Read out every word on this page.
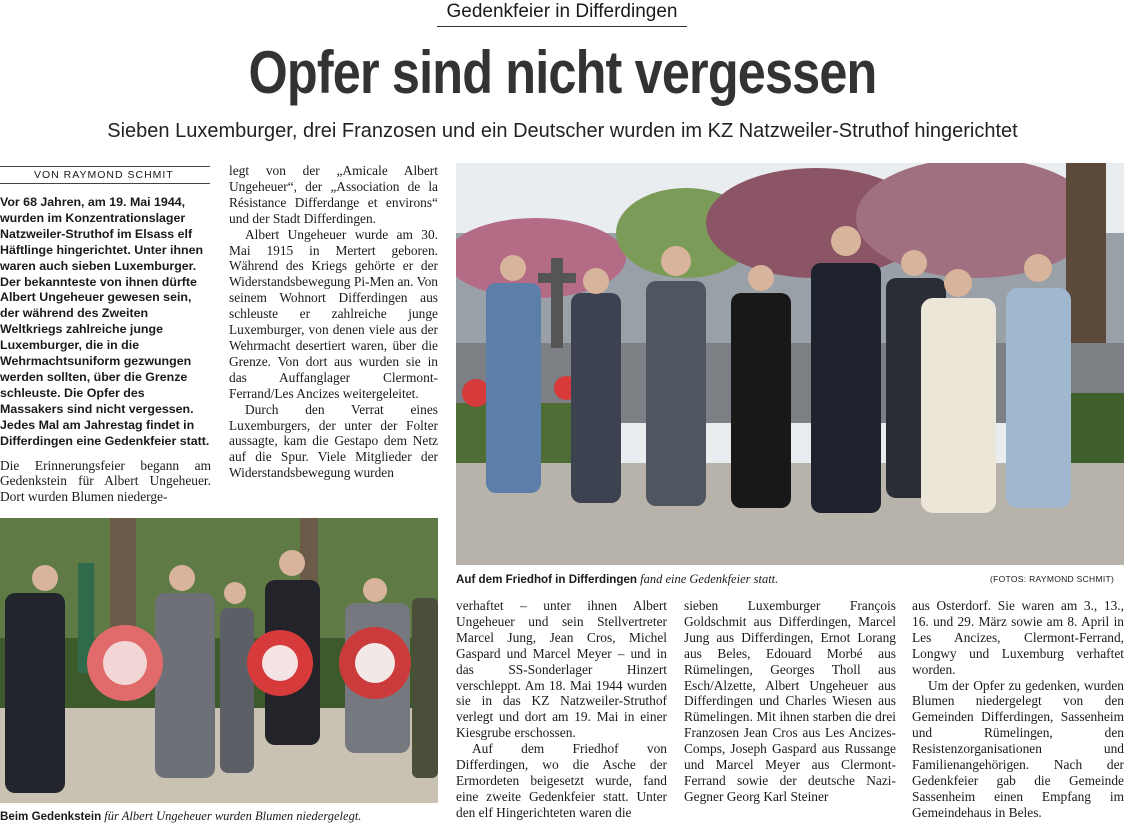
Gedenkfeier in Differdingen
Opfer sind nicht vergessen
Sieben Luxemburger, drei Franzosen und ein Deutscher wurden im KZ Natzweiler-Struthof hingerichtet
VON RAYMOND SCHMIT

Vor 68 Jahren, am 19. Mai 1944, wurden im Konzentrationslager Natzweiler-Struthof im Elsass elf Häftlinge hingerichtet. Unter ihnen waren auch sieben Luxemburger. Der bekannteste von ihnen dürfte Albert Ungeheuer gewesen sein, der während des Zweiten Weltkriegs zahlreiche junge Luxemburger, die in die Wehrmachtsuniform gezwungen werden sollten, über die Grenze schleuste. Die Opfer des Massakers sind nicht vergessen. Jedes Mal am Jahrestag findet in Differdingen eine Gedenkfeier statt.

Die Erinnerungsfeier begann am Gedenkstein für Albert Ungeheuer. Dort wurden Blumen niederge-

legt von der „Amicale Albert Ungeheuer“, der „Association de la Résistance Differdange et environs“ und der Stadt Differdingen.

Albert Ungeheuer wurde am 30. Mai 1915 in Mertert geboren. Während des Kriegs gehörte er der Widerstandsbewegung Pi-Men an. Von seinem Wohnort Differdingen aus schleuste er zahlreiche junge Luxemburger, von denen viele aus der Wehrmacht desertiert waren, über die Grenze. Von dort aus wurden sie in das Auffanglager Clermont-Ferrand/Les Ancizes weitergeleitet.

Durch den Verrat eines Luxemburgers, der unter der Folter aussagte, kam die Gestapo dem Netz auf die Spur. Viele Mitglieder der Widerstandsbewegung wurden

verhaftet – unter ihnen Albert Ungeheuer und sein Stellvertreter Marcel Jung, Jean Cros, Michel Gaspard und Marcel Meyer – und in das SS-Sonderlager Hinzert verschleppt. Am 18. Mai 1944 wurden sie in das KZ Natzweiler-Struthof verlegt und dort am 19. Mai in einer Kiesgrube erschossen.

Auf dem Friedhof von Differdingen, wo die Asche der Ermordeten beigesetzt wurde, fand eine zweite Gedenkfeier statt. Unter den elf Hingerichteten waren die

sieben Luxemburger François Goldschmit aus Differdingen, Marcel Jung aus Differdingen, Ernot Lorang aus Beles, Edouard Morbé aus Rümelingen, Georges Tholl aus Esch/Alzette, Albert Ungeheuer aus Differdingen und Charles Wiesen aus Rümelingen. Mit ihnen starben die drei Franzosen Jean Cros aus Les Ancizes-Comps, Joseph Gaspard aus Russange und Marcel Meyer aus Clermont-Ferrand sowie der deutsche Nazi-Gegner Georg Karl Steiner

aus Osterdorf. Sie waren am 3., 13., 16. und 29. März sowie am 8. April in Les Ancizes, Clermont-Ferrand, Longwy und Luxemburg verhaftet worden.

Um der Opfer zu gedenken, wurden Blumen niedergelegt von den Gemeinden Differdingen, Sassenheim und Rümelingen, den Resistenzorganisationen und Familienangehörigen. Nach der Gedenkfeier gab die Gemeinde Sassenheim einen Empfang im Gemeindehaus in Beles.

Auf dem Friedhof in Differdingen fand eine Gedenkfeier statt.	(FOTOS: RAYMOND SCHMIT)
Beim Gedenkstein für Albert Ungeheuer wurden Blumen niedergelegt.
